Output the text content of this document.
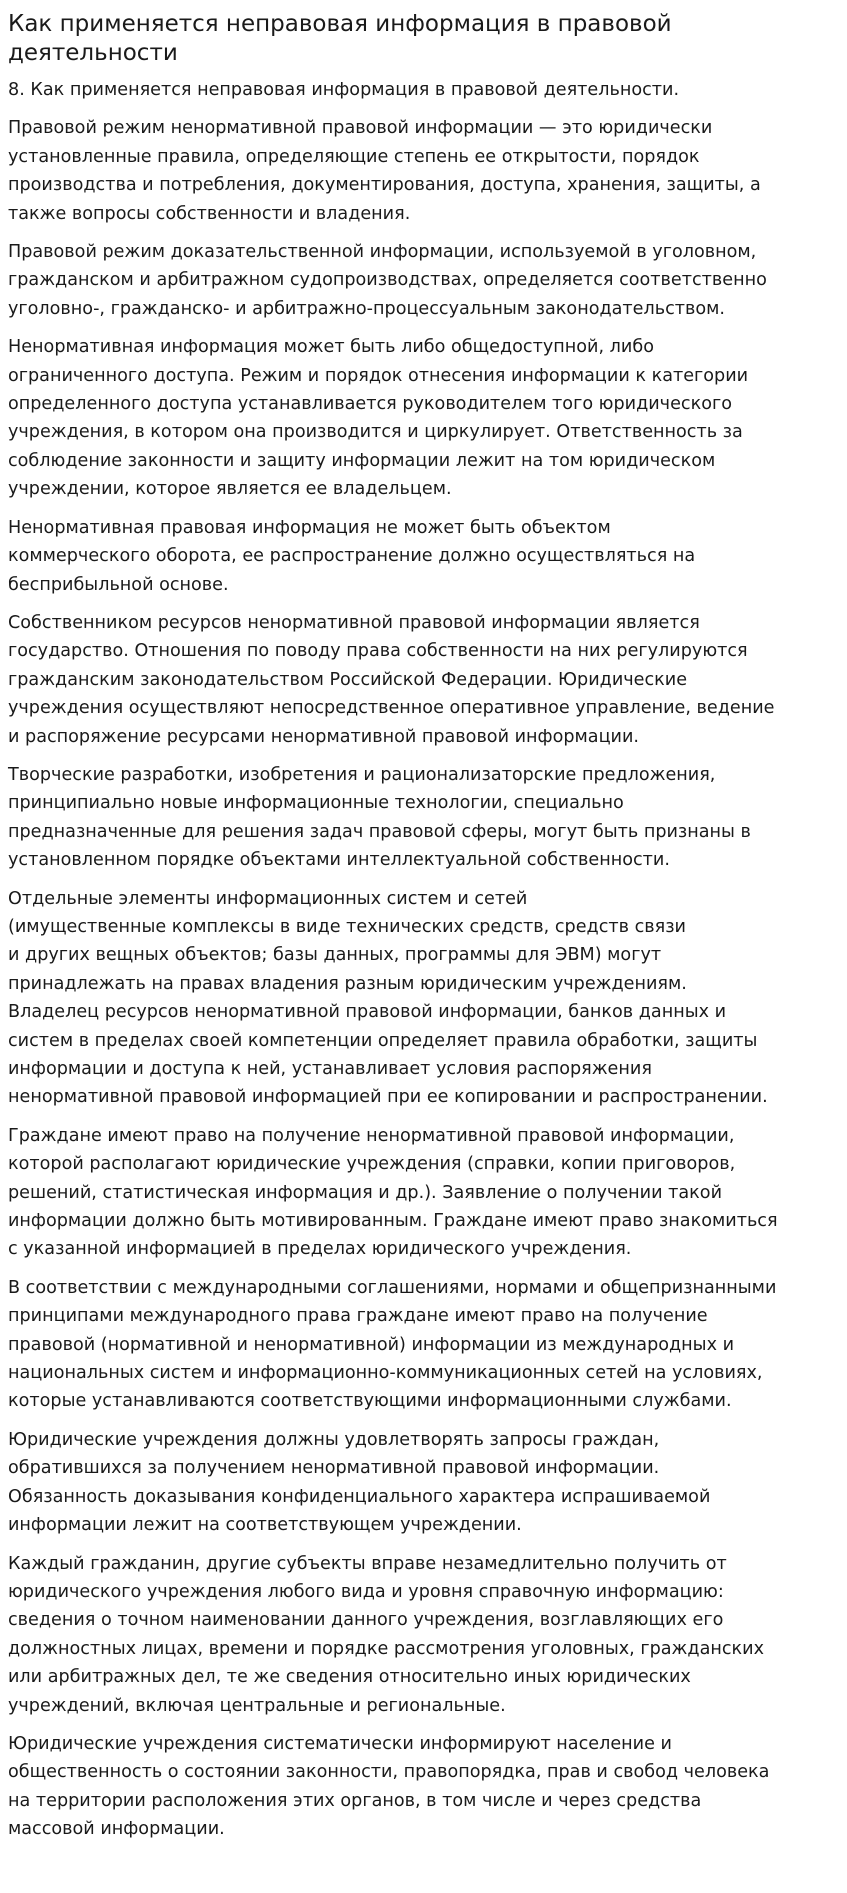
Как применяется неправовая информация в правовой деятельности

8. Как применяется неправовая информация в правовой деятельности.

Правовой режим ненормативной правовой информации — это юридически
установленные правила, определяющие степень ее открытости, порядок
производства и потребления, документирования, доступа, хранения, защиты, а
также вопросы собственности и владения.

Правовой режим доказательственной информации, используемой в уголовном,
гражданском и арбитражном судопроизводствах, определяется соответственно
уголовно-, гражданско- и арбитражно-процессуальным законодательством.

Ненормативная информация может быть либо общедоступной, либо
ограниченного доступа. Режим и порядок отнесения информации к категории
определенного доступа устанавливается руководителем того юридического
учреждения, в котором она производится и циркулирует. Ответственность за
соблюдение законности и защиту информации лежит на том юридическом
учреждении, которое является ее владельцем.

Ненормативная правовая информация не может быть объектом
коммерческого оборота, ее распространение должно осуществляться на
бесприбыльной основе.

Собственником ресурсов ненормативной правовой информации является
государство. Отношения по поводу права собственности на них регулируются
гражданским законодательством Российской Федерации. Юридические
учреждения осуществляют непосредственное оперативное управление, ведение
и распоряжение ресурсами ненормативной правовой информации.

Творческие разработки, изобретения и рационализаторские предложения,
принципиально новые информационные технологии, специально
предназначенные для решения задач правовой сферы, могут быть признаны в
установленном порядке объектами интеллектуальной собственности.

Отдельные элементы информационных систем и сетей
(имущественные комплексы в виде технических средств, средств связи
и других вещных объектов; базы данных, программы для ЭВМ) могут
принадлежать на правах владения разным юридическим учреждениям.
Владелец ресурсов ненормативной правовой информации, банков данных и
систем в пределах своей компетенции определяет правила обработки, защиты
информации и доступа к ней, устанавливает условия распоряжения
ненормативной правовой информацией при ее копировании и распространении.

Граждане имеют право на получение ненормативной правовой информации,
которой располагают юридические учреждения (справки, копии приговоров,
решений, статистическая информация и др.). Заявление о получении такой
информации должно быть мотивированным. Граждане имеют право знакомиться
с указанной информацией в пределах юридического учреждения.

В соответствии с международными соглашениями, нормами и общепризнанными
принципами международного права граждане имеют право на получение
правовой (нормативной и ненормативной) информации из международных и
национальных систем и информационно-коммуникационных сетей на условиях,
которые устанавливаются соответствующими информационными службами.

Юридические учреждения должны удовлетворять запросы граждан,
обратившихся за получением ненормативной правовой информации.
Обязанность доказывания конфиденциального характера испрашиваемой
информации лежит на соответствующем учреждении.

Каждый гражданин, другие субъекты вправе незамедлительно получить от
юридического учреждения любого вида и уровня справочную информацию:
сведения о точном наименовании данного учреждения, возглавляющих его
должностных лицах, времени и порядке рассмотрения уголовных, гражданских
или арбитражных дел, те же сведения относительно иных юридических
учреждений, включая центральные и региональные.

Юридические учреждения систематически информируют население и
общественность о состоянии законности, правопорядка, прав и свобод человека
на территории расположения этих органов, в том числе и через средства
массовой информации.
